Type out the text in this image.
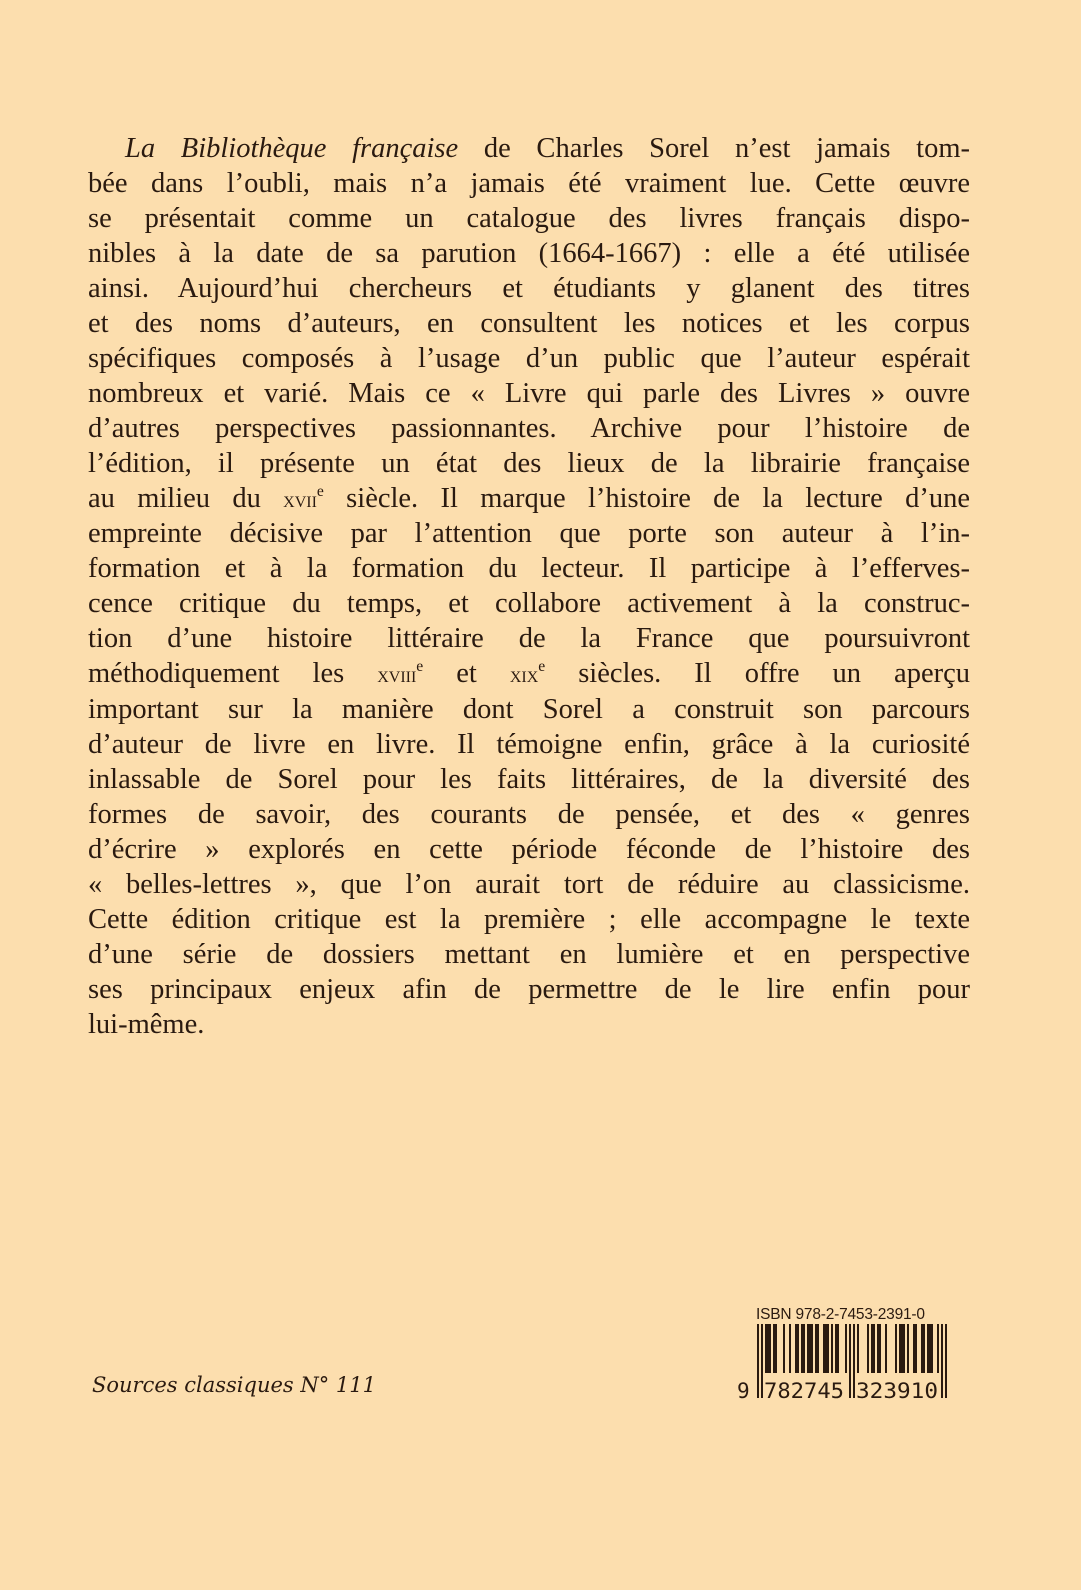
La Bibliothèque française de Charles Sorel n’est jamais tom-
bée dans l’oubli, mais n’a jamais été vraiment lue. Cette œuvre
se présentait comme un catalogue des livres français dispo-
nibles à la date de sa parution (1664-1667) : elle a été utilisée
ainsi. Aujourd’hui chercheurs et étudiants y glanent des titres
et des noms d’auteurs, en consultent les notices et les corpus
spécifiques composés à l’usage d’un public que l’auteur espérait
nombreux et varié. Mais ce « Livre qui parle des Livres » ouvre
d’autres perspectives passionnantes. Archive pour l’histoire de
l’édition, il présente un état des lieux de la librairie française
au milieu du xvii$^e$ siècle. Il marque l’histoire de la lecture d’une
empreinte décisive par l’attention que porte son auteur à l’in-
formation et à la formation du lecteur. Il participe à l’efferves-
cence critique du temps, et collabore activement à la construc-
tion d’une histoire littéraire de la France que poursuivront
méthodiquement les xviii$^e$ et xix$^e$ siècles. Il offre un aperçu
important sur la manière dont Sorel a construit son parcours
d’auteur de livre en livre. Il témoigne enfin, grâce à la curiosité
inlassable de Sorel pour les faits littéraires, de la diversité des
formes de savoir, des courants de pensée, et des « genres
d’écrire » explorés en cette période féconde de l’histoire des
« belles-lettres », que l’on aurait tort de réduire au classicisme.
Cette édition critique est la première ; elle accompagne le texte
d’une série de dossiers mettant en lumière et en perspective
ses principaux enjeux afin de permettre de le lire enfin pour
lui-même.
Sources classiques N° 111
ISBN 978-2-7453-2391-0
9 782745 323910
